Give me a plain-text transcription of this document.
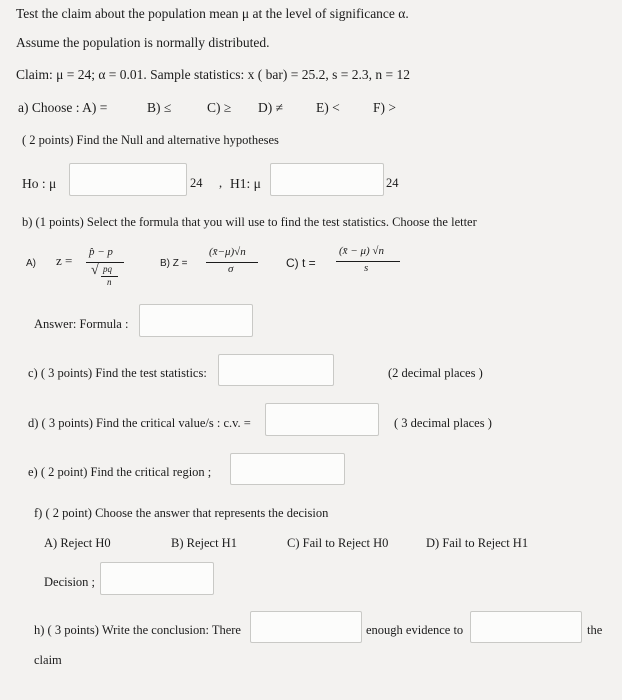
Test the claim about the population mean μ at the level of significance α.
Assume the population is normally distributed.
Claim: μ = 24; α = 0.01. Sample statistics: x ( bar) = 25.2, s = 2.3, n = 12
a) Choose : A) =	B) ≤	C) ≥ D) ≠ E) < F) >
( 2 points) Find the Null and alternative hypotheses
Ho : μ	24 , H1: μ	24
b) (1 points) Select the formula that you will use to find the test statistics. Choose the letter
A) z =
p̂ − p
√ pq
n
B) Z =
(x̄−μ)√n
σ	C) t =
(x̄ − μ) √n
s
Answer: Formula :
c) ( 3 points) Find the test statistics:	(2 decimal places )
d) ( 3 points) Find the critical value/s : c.v. =	( 3 decimal places )
e) ( 2 point) Find the critical region ;
f) ( 2 point) Choose the answer that represents the decision
A) Reject H0	B) Reject H1	C) Fail to Reject H0	D) Fail to Reject H1
Decision ;
h) ( 3 points) Write the conclusion: There	enough evidence to	the
claim
